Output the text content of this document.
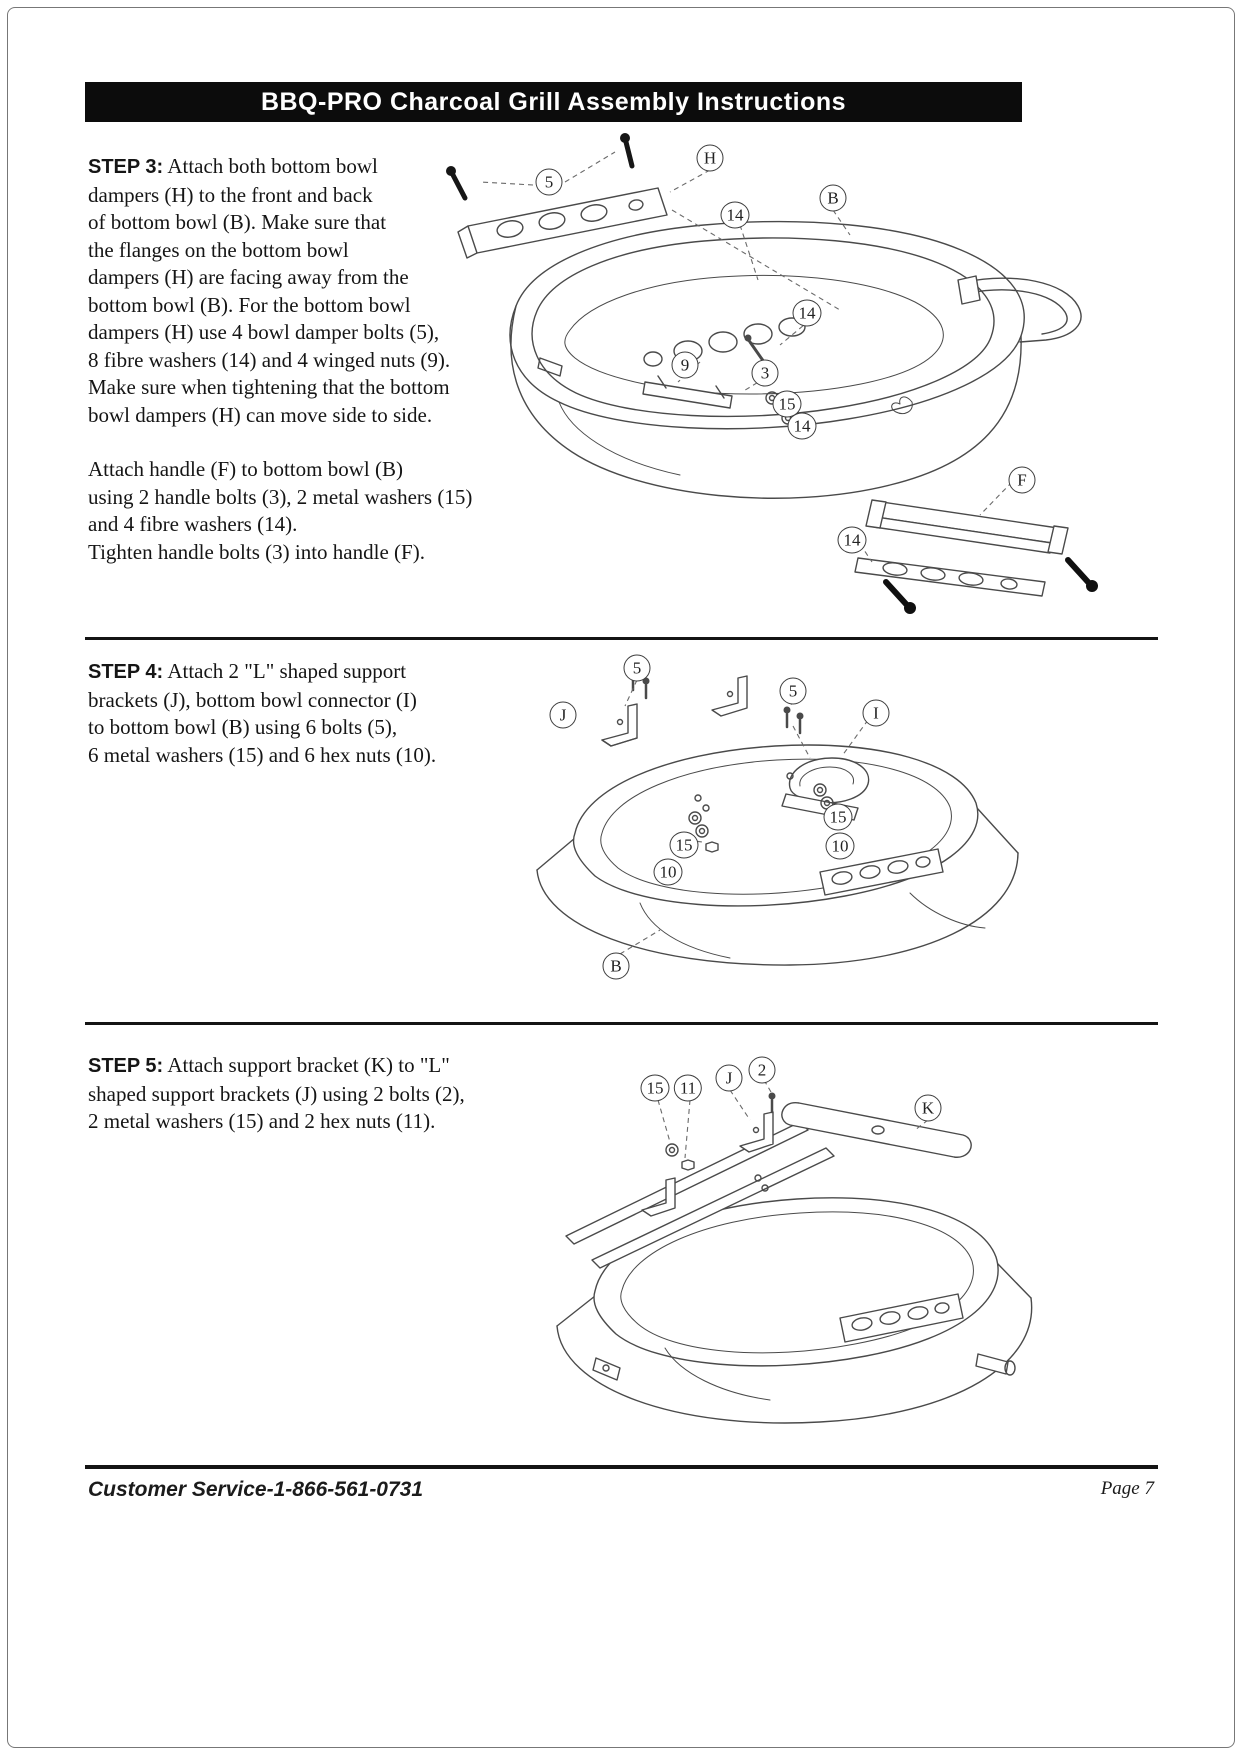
BBQ-PRO Charcoal Grill Assembly Instructions
STEP 3: Attach both bottom bowl
dampers (H) to the front and back
of bottom bowl (B). Make sure that
the flanges on the bottom bowl
dampers (H) are facing away from the
bottom bowl (B). For the bottom bowl
dampers (H) use 4 bowl damper bolts (5),
8 fibre washers (14) and 4 winged nuts (9).
Make sure when tightening that the bottom
bowl dampers (H) can move side to side.
Attach handle (F) to bottom bowl (B)
using 2 handle bolts (3), 2 metal washers (15)
and 4 fibre washers (14).
Tighten handle bolts (3) into handle (F).
5
H
B
14
14
9	3
15
14
F
14
STEP 4: Attach 2 "L" shaped support
brackets (J), bottom bowl connector (I)
to bottom bowl (B) using 6 bolts (5),
6 metal washers (15) and 6 hex nuts (10).
5
J
5
I
15
10
15
10
B
STEP 5: Attach support bracket (K) to "L"
shaped support brackets (J) using 2 bolts (2),
2 metal washers (15) and 2 hex nuts (11).
15 11
J	2
K
Customer Service-1-866-561-0731	Page 7
